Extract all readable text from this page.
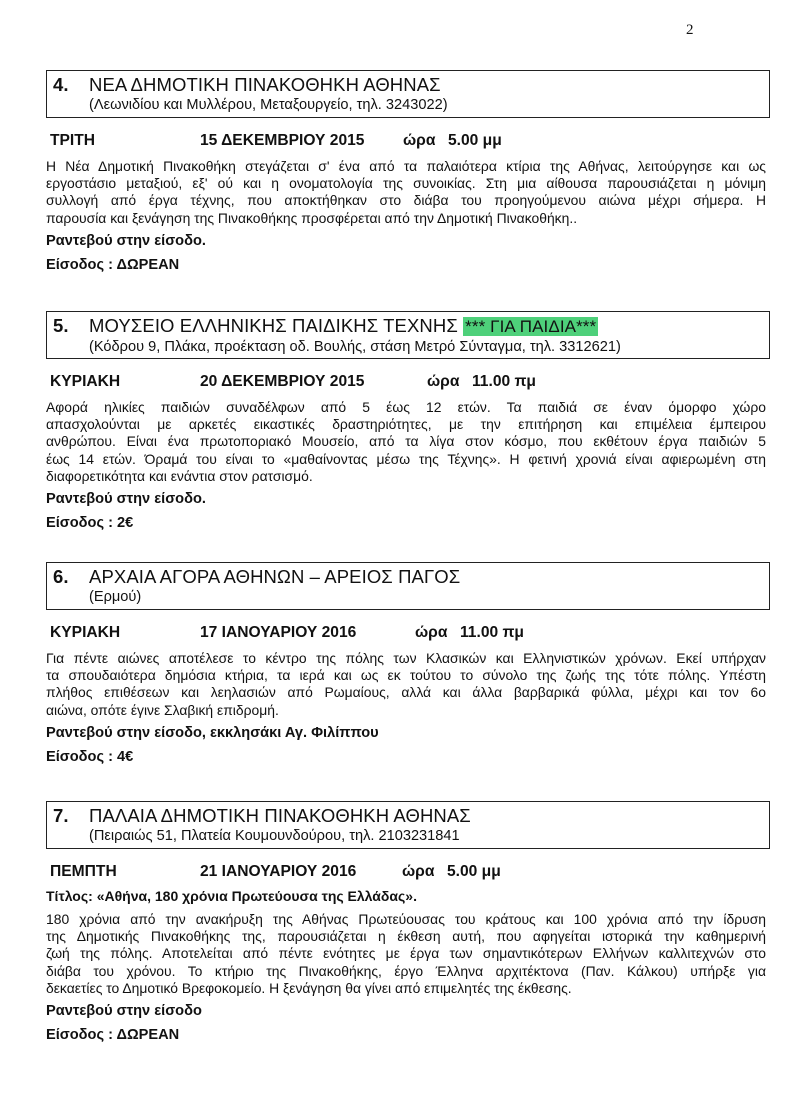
2
4. ΝΕΑ ΔΗΜΟΤΙΚΗ ΠΙΝΑΚΟΘΗΚΗ ΑΘΗΝΑΣ
(Λεωνιδίου και Μυλλέρου, Μεταξουργείο, τηλ. 3243022)
ΤΡΙΤΗ	15 ΔΕΚΕΜΒΡΙΟΥ 2015 ώρα 5.00 μμ
Η Νέα Δημοτική Πινακοθήκη στεγάζεται σ' ένα από τα παλαιότερα κτίρια της Αθήνας, λειτούργησε και ως
εργοστάσιο μεταξιού, εξ' ού και η ονοματολογία της συνοικίας. Στη μια αίθουσα παρουσιάζεται η μόνιμη
συλλογή από έργα τέχνης, που αποκτήθηκαν στο διάβα του προηγούμενου αιώνα μέχρι σήμερα. Η
παρουσία και ξενάγηση της Πινακοθήκης προσφέρεται από την Δημοτική Πινακοθήκη..
Ραντεβού στην είσοδο.
Είσοδος : ΔΩΡΕΑΝ
5. ΜΟΥΣΕΙΟ ΕΛΛΗΝΙΚΗΣ ΠΑΙΔΙΚΗΣ ΤΕΧΝΗΣ *** ΓΙΑ ΠΑΙΔΙΑ***
(Κόδρου 9, Πλάκα, προέκταση οδ. Βουλής, στάση Μετρό Σύνταγμα, τηλ. 3312621)
ΚΥΡΙΑΚΗ	20 ΔΕΚΕΜΒΡΙΟΥ 2015	ώρα 11.00 πμ
Αφορά ηλικίες παιδιών συναδέλφων από 5 έως 12 ετών. Τα παιδιά σε έναν όμορφο χώρο
απασχολούνται με αρκετές εικαστικές δραστηριότητες, με την επιτήρηση και επιμέλεια έμπειρου
ανθρώπου. Είναι ένα πρωτοποριακό Μουσείο, από τα λίγα στον κόσμο, που εκθέτουν έργα παιδιών 5
έως 14 ετών. Όραμά του είναι το «μαθαίνοντας μέσω της Τέχνης». Η φετινή χρονιά είναι αφιερωμένη στη
διαφορετικότητα και ενάντια στον ρατσισμό.
Ραντεβού στην είσοδο.
Είσοδος : 2€
6. ΑΡΧΑΙΑ ΑΓΟΡΑ ΑΘΗΝΩΝ – ΑΡΕΙΟΣ ΠΑΓΟΣ
(Ερμού)
ΚΥΡΙΑΚΗ	17 ΙΑΝΟΥΑΡΙΟΥ 2016	ώρα 11.00 πμ
Για πέντε αιώνες αποτέλεσε το κέντρο της πόλης των Κλασικών και Ελληνιστικών χρόνων. Εκεί υπήρχαν
τα σπουδαιότερα δημόσια κτήρια, τα ιερά και ως εκ τούτου το σύνολο της ζωής της τότε πόλης. Υπέστη
πλήθος επιθέσεων και λεηλασιών από Ρωμαίους, αλλά και άλλα βαρβαρικά φύλλα, μέχρι και τον 6ο
αιώνα, οπότε έγινε Σλαβική επιδρομή.
Ραντεβού στην είσοδο, εκκλησάκι Αγ. Φιλίππου
Είσοδος : 4€
7. ΠΑΛΑΙΑ ΔΗΜΟΤΙΚΗ ΠΙΝΑΚΟΘΗΚΗ ΑΘΗΝΑΣ
(Πειραιώς 51, Πλατεία Κουμουνδούρου, τηλ. 2103231841
ΠΕΜΠΤΗ	21 ΙΑΝΟΥΑΡΙΟΥ 2016	ώρα 5.00 μμ
Τίτλος: «Αθήνα, 180 χρόνια Πρωτεύουσα της Ελλάδας».
180 χρόνια από την ανακήρυξη της Αθήνας Πρωτεύουσας του κράτους και 100 χρόνια από την ίδρυση
της Δημοτικής Πινακοθήκης της, παρουσιάζεται η έκθεση αυτή, που αφηγείται ιστορικά την καθημερινή
ζωή της πόλης. Αποτελείται από πέντε ενότητες με έργα των σημαντικότερων Ελλήνων καλλιτεχνών στο
διάβα του χρόνου. Το κτήριο της Πινακοθήκης, έργο Έλληνα αρχιτέκτονα (Παν. Κάλκου) υπήρξε για
δεκαετίες το Δημοτικό Βρεφοκομείο. Η ξενάγηση θα γίνει από επιμελητές της έκθεσης.
Ραντεβού στην είσοδο
Είσοδος : ΔΩΡΕΑΝ
